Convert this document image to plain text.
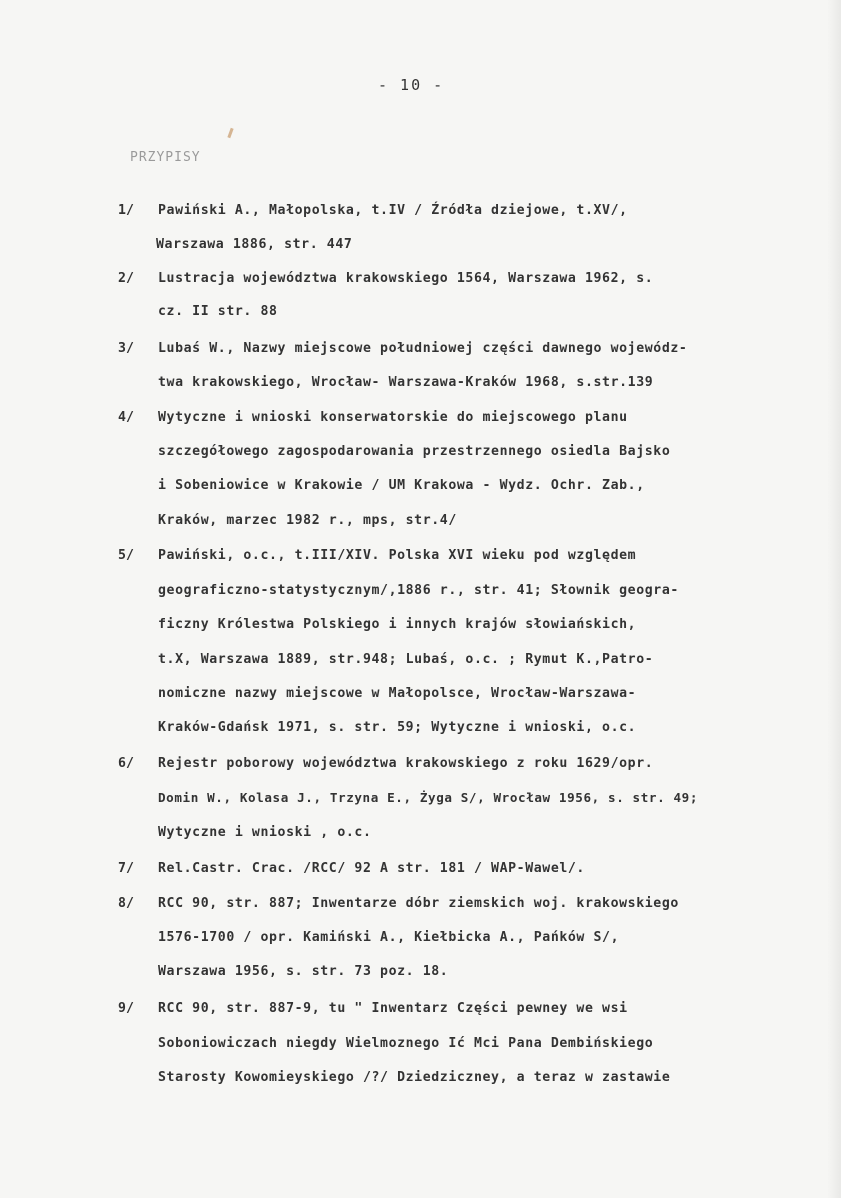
- 10 -
PRZYPISY
1/ Pawiński A., Małopolska, t.IV / Źródła dziejowe, t.XV/,
Warszawa 1886, str. 447
2/ Lustracja województwa krakowskiego 1564, Warszawa 1962, s.
cz. II str. 88
3/ Lubaś W., Nazwy miejscowe południowej części dawnego wojewódz-
twa krakowskiego, Wrocław- Warszawa-Kraków 1968, s.str.139
4/ Wytyczne i wnioski konserwatorskie do miejscowego planu
szczegółowego zagospodarowania przestrzennego osiedla Bajsko
i Sobeniowice w Krakowie / UM Krakowa - Wydz. Ochr. Zab.,
Kraków, marzec 1982 r., mps, str.4/
5/ Pawiński, o.c., t.III/XIV. Polska XVI wieku pod względem
geograficzno-statystycznym/,1886 r., str. 41; Słownik geogra-
ficzny Królestwa Polskiego i innych krajów słowiańskich,
t.X, Warszawa 1889, str.948; Lubaś, o.c. ; Rymut K.,Patro-
nomiczne nazwy miejscowe w Małopolsce, Wrocław-Warszawa-
Kraków-Gdańsk 1971, s. str. 59; Wytyczne i wnioski, o.c.
6/ Rejestr poborowy województwa krakowskiego z roku 1629/opr.
Domin W., Kolasa J., Trzyna E., Żyga S/, Wrocław 1956, s. str. 49;
Wytyczne i wnioski , o.c.
7/ Rel.Castr. Crac. /RCC/ 92 A str. 181 / WAP-Wawel/.
8/ RCC 90, str. 887; Inwentarze dóbr ziemskich woj. krakowskiego
1576-1700 / opr. Kamiński A., Kiełbicka A., Pańków S/,
Warszawa 1956, s. str. 73 poz. 18.
9/ RCC 90, str. 887-9, tu " Inwentarz Części pewney we wsi
Soboniowiczach niegdy Wielmoznego Ić Mci Pana Dembińskiego
Starosty Kowomieyskiego /?/ Dziedziczney, a teraz w zastawie
